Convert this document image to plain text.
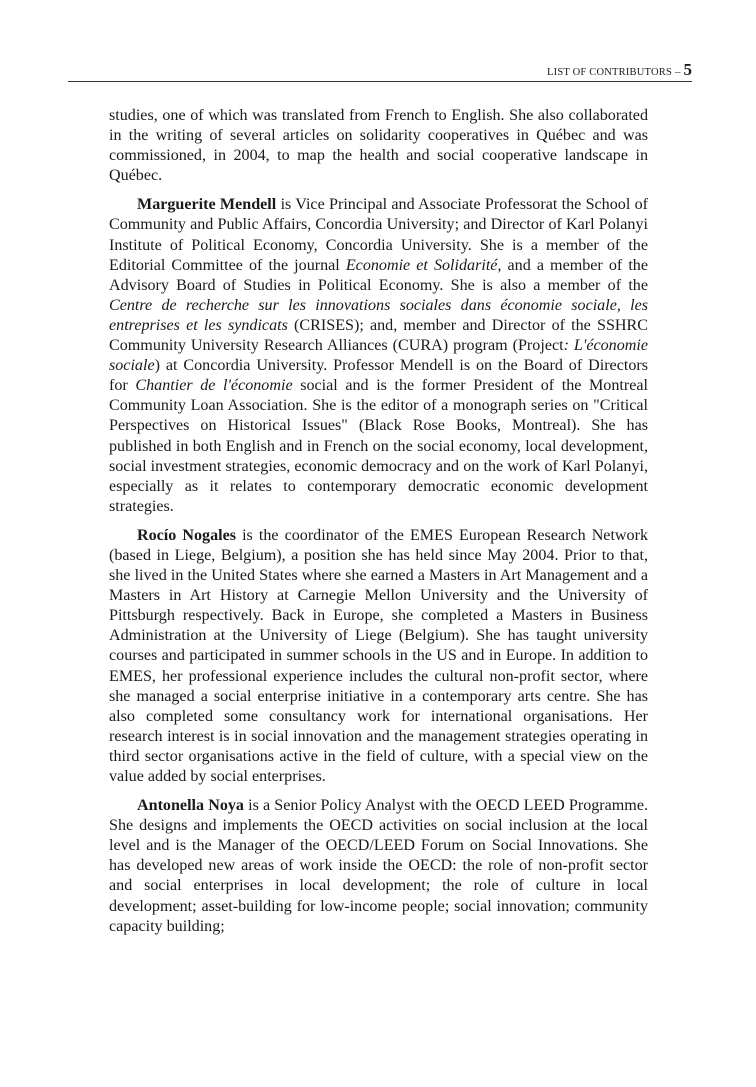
LIST OF CONTRIBUTORS – 5

studies, one of which was translated from French to English. She also collaborated in the writing of several articles on solidarity cooperatives in Québec and was commissioned, in 2004, to map the health and social cooperative landscape in Québec.

Marguerite Mendell is Vice Principal and Associate Professorat the School of Community and Public Affairs, Concordia University; and Director of Karl Polanyi Institute of Political Economy, Concordia University. She is a member of the Editorial Committee of the journal Economie et Solidarité, and a member of the Advisory Board of Studies in Political Economy. She is also a member of the Centre de recherche sur les innovations sociales dans économie sociale, les entreprises et les syndicats (CRISES); and, member and Director of the SSHRC Community University Research Alliances (CURA) program (Project: L'économie sociale) at Concordia University. Professor Mendell is on the Board of Directors for Chantier de l'économie social and is the former President of the Montreal Community Loan Association. She is the editor of a monograph series on "Critical Perspectives on Historical Issues" (Black Rose Books, Montreal). She has published in both English and in French on the social economy, local development, social investment strategies, economic democracy and on the work of Karl Polanyi, especially as it relates to contemporary democratic economic development strategies.

Rocío Nogales is the coordinator of the EMES European Research Network (based in Liege, Belgium), a position she has held since May 2004. Prior to that, she lived in the United States where she earned a Masters in Art Management and a Masters in Art History at Carnegie Mellon University and the University of Pittsburgh respectively. Back in Europe, she completed a Masters in Business Administration at the University of Liege (Belgium). She has taught university courses and participated in summer schools in the US and in Europe. In addition to EMES, her professional experience includes the cultural non-profit sector, where she managed a social enterprise initiative in a contemporary arts centre. She has also completed some consultancy work for international organisations. Her research interest is in social innovation and the management strategies operating in third sector organisations active in the field of culture, with a special view on the value added by social enterprises.

Antonella Noya is a Senior Policy Analyst with the OECD LEED Programme. She designs and implements the OECD activities on social inclusion at the local level and is the Manager of the OECD/LEED Forum on Social Innovations. She has developed new areas of work inside the OECD: the role of non-profit sector and social enterprises in local development; the role of culture in local development; asset-building for low-income people; social innovation; community capacity building;
